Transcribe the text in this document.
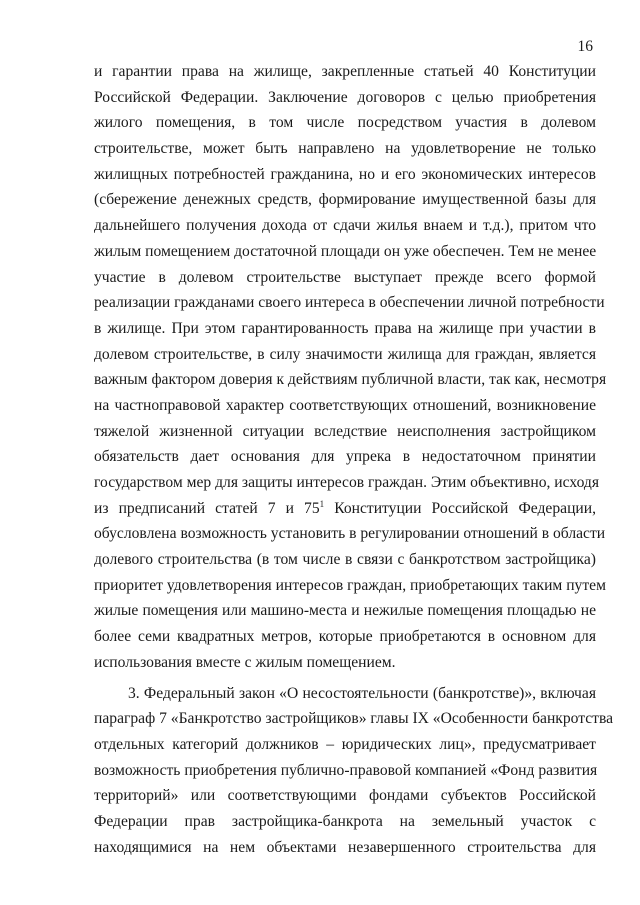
16
и гарантии права на жилище, закрепленные статьей 40 Конституции
Российской Федерации. Заключение договоров с целью приобретения
жилого помещения, в том числе посредством участия в долевом
строительстве, может быть направлено на удовлетворение не только
жилищных потребностей гражданина, но и его экономических интересов
(сбережение денежных средств, формирование имущественной базы для
дальнейшего получения дохода от сдачи жилья внаем и т.д.), притом что
жилым помещением достаточной площади он уже обеспечен. Тем не менее
участие в долевом строительстве выступает прежде всего формой
реализации гражданами своего интереса в обеспечении личной потребности
в жилище. При этом гарантированность права на жилище при участии в
долевом строительстве, в силу значимости жилища для граждан, является
важным фактором доверия к действиям публичной власти, так как, несмотря
на частноправовой характер соответствующих отношений, возникновение
тяжелой жизненной ситуации вследствие неисполнения застройщиком
обязательств дает основания для упрека в недостаточном принятии
государством мер для защиты интересов граждан. Этим объективно, исходя
из предписаний статей 7 и $75^1$ Конституции Российской Федерации,
обусловлена возможность установить в регулировании отношений в области
долевого строительства (в том числе в связи с банкротством застройщика)
приоритет удовлетворения интересов граждан, приобретающих таким путем
жилые помещения или машино-места и нежилые помещения площадью не
более семи квадратных метров, которые приобретаются в основном для
использования вместе с жилым помещением.
3. Федеральный закон «О несостоятельности (банкротстве)», включая
параграф 7 «Банкротство застройщиков» главы IX «Особенности банкротства
отдельных категорий должников – юридических лиц», предусматривает
возможность приобретения публично-правовой компанией «Фонд развития
территорий» или соответствующими фондами субъектов Российской
Федерации прав застройщика-банкрота на земельный участок с
находящимися на нем объектами незавершенного строительства для
